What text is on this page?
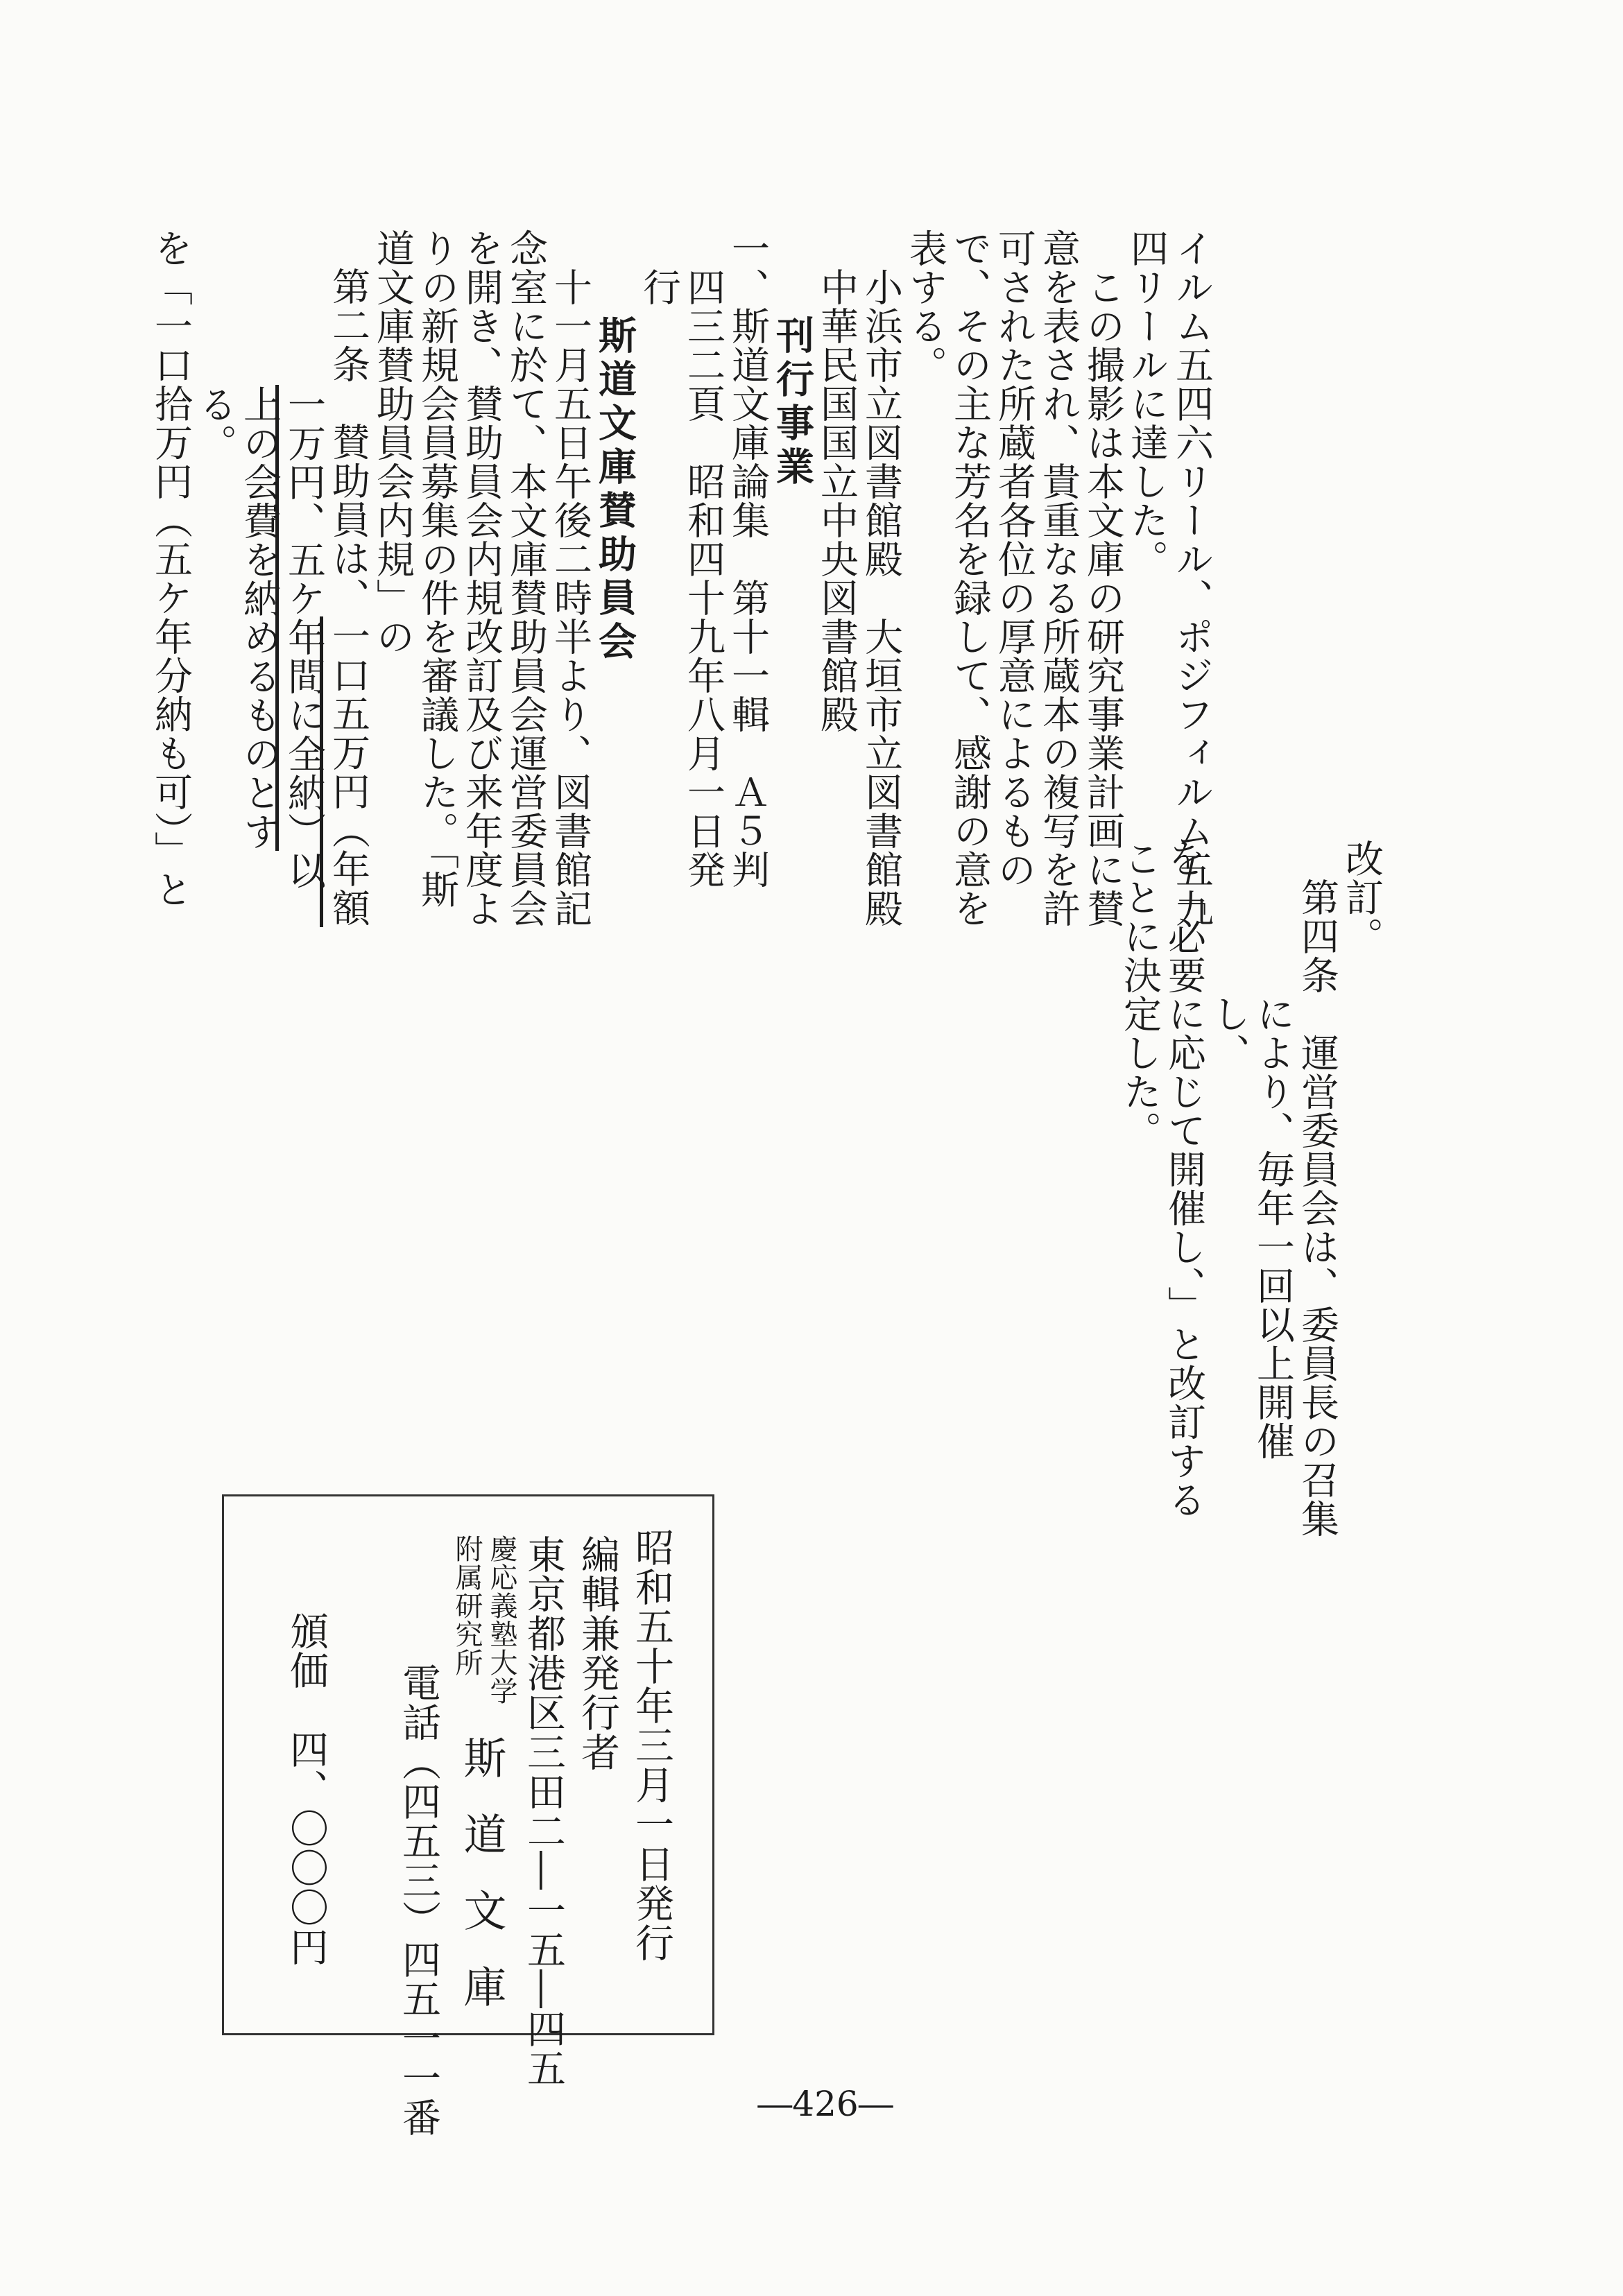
イルム五四六リール、ポジフィルム五九
四リールに達した。
　この撮影は本文庫の研究事業計画に賛
意を表され、貴重なる所蔵本の複写を許
可された所蔵者各位の厚意によるもの
で、その主な芳名を録して、感謝の意を
表する。
　小浜市立図書館殿　大垣市立図書館殿
　中華民国国立中央図書館殿
刊行事業
一、斯道文庫論集　第十一輯　Ａ５判
　四三二頁　昭和四十九年八月一日発
　行
斯道文庫賛助員会
　十一月五日午後二時半より、図書館記
念室に於て、本文庫賛助員会運営委員会
を開き、賛助員会内規改訂及び来年度よ
りの新規会員募集の件を審議した。「斯
道文庫賛助員会内規」の
第二条　賛助員は、一口五万円（年額
一万円、五ケ年間に全納）以
上の会費を納めるものとす
る。
を「一口拾万円（五ケ年分納も可）」と	改訂。
　第四条　運営委員会は、委員長の召集
　　　　により、毎年一回以上開催
　　　　し、
を「必要に応じて開催し、」と改訂する
ことに決定した。
昭和五十年三月一日発行
編輯兼発行者
東京都港区三田二―一五―四五
慶応義塾大学
附属研究所
斯道文庫
電話（四五三）四五一一番
頒価　四、〇〇〇円
―426―
